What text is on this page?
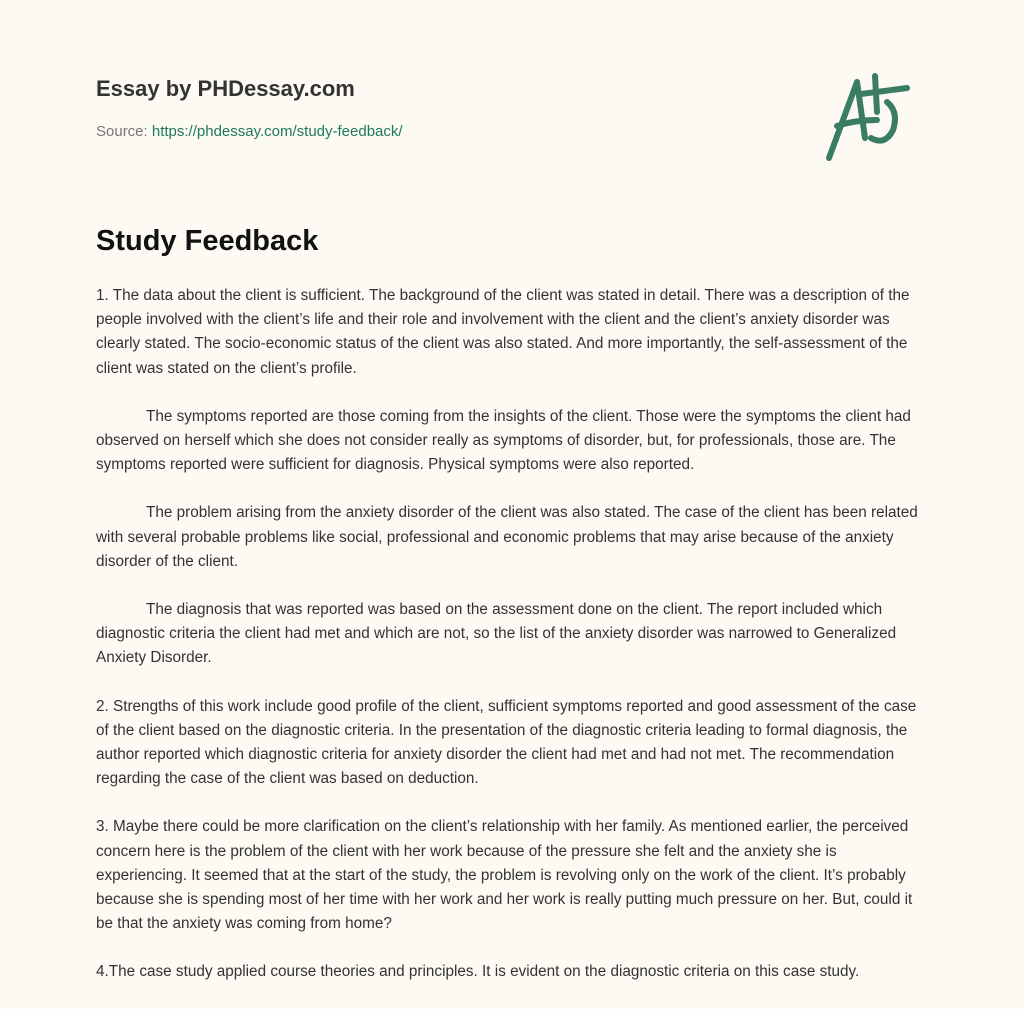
Essay by PHDessay.com
Source: https://phdessay.com/study-feedback/
Study Feedback

1. The data about the client is sufficient. The background of the client was stated in detail. There was a description of the people involved with the client’s life and their role and involvement with the client and the client’s anxiety disorder was clearly stated. The socio-economic status of the client was also stated. And more importantly, the self-assessment of the client was stated on the client’s profile.

The symptoms reported are those coming from the insights of the client. Those were the symptoms the client had observed on herself which she does not consider really as symptoms of disorder, but, for professionals, those are. The symptoms reported were sufficient for diagnosis. Physical symptoms were also reported.

The problem arising from the anxiety disorder of the client was also stated. The case of the client has been related with several probable problems like social, professional and economic problems that may arise because of the anxiety disorder of the client.

The diagnosis that was reported was based on the assessment done on the client. The report included which diagnostic criteria the client had met and which are not, so the list of the anxiety disorder was narrowed to Generalized Anxiety Disorder.

2. Strengths of this work include good profile of the client, sufficient symptoms reported and good assessment of the case of the client based on the diagnostic criteria. In the presentation of the diagnostic criteria leading to formal diagnosis, the author reported which diagnostic criteria for anxiety disorder the client had met and had not met. The recommendation regarding the case of the client was based on deduction.

3. Maybe there could be more clarification on the client’s relationship with her family. As mentioned earlier, the perceived concern here is the problem of the client with her work because of the pressure she felt and the anxiety she is experiencing. It seemed that at the start of the study, the problem is revolving only on the work of the client. It’s probably because she is spending most of her time with her work and her work is really putting much pressure on her. But, could it be that the anxiety was coming from home?

4.The case study applied course theories and principles. It is evident on the diagnostic criteria on this case study.
